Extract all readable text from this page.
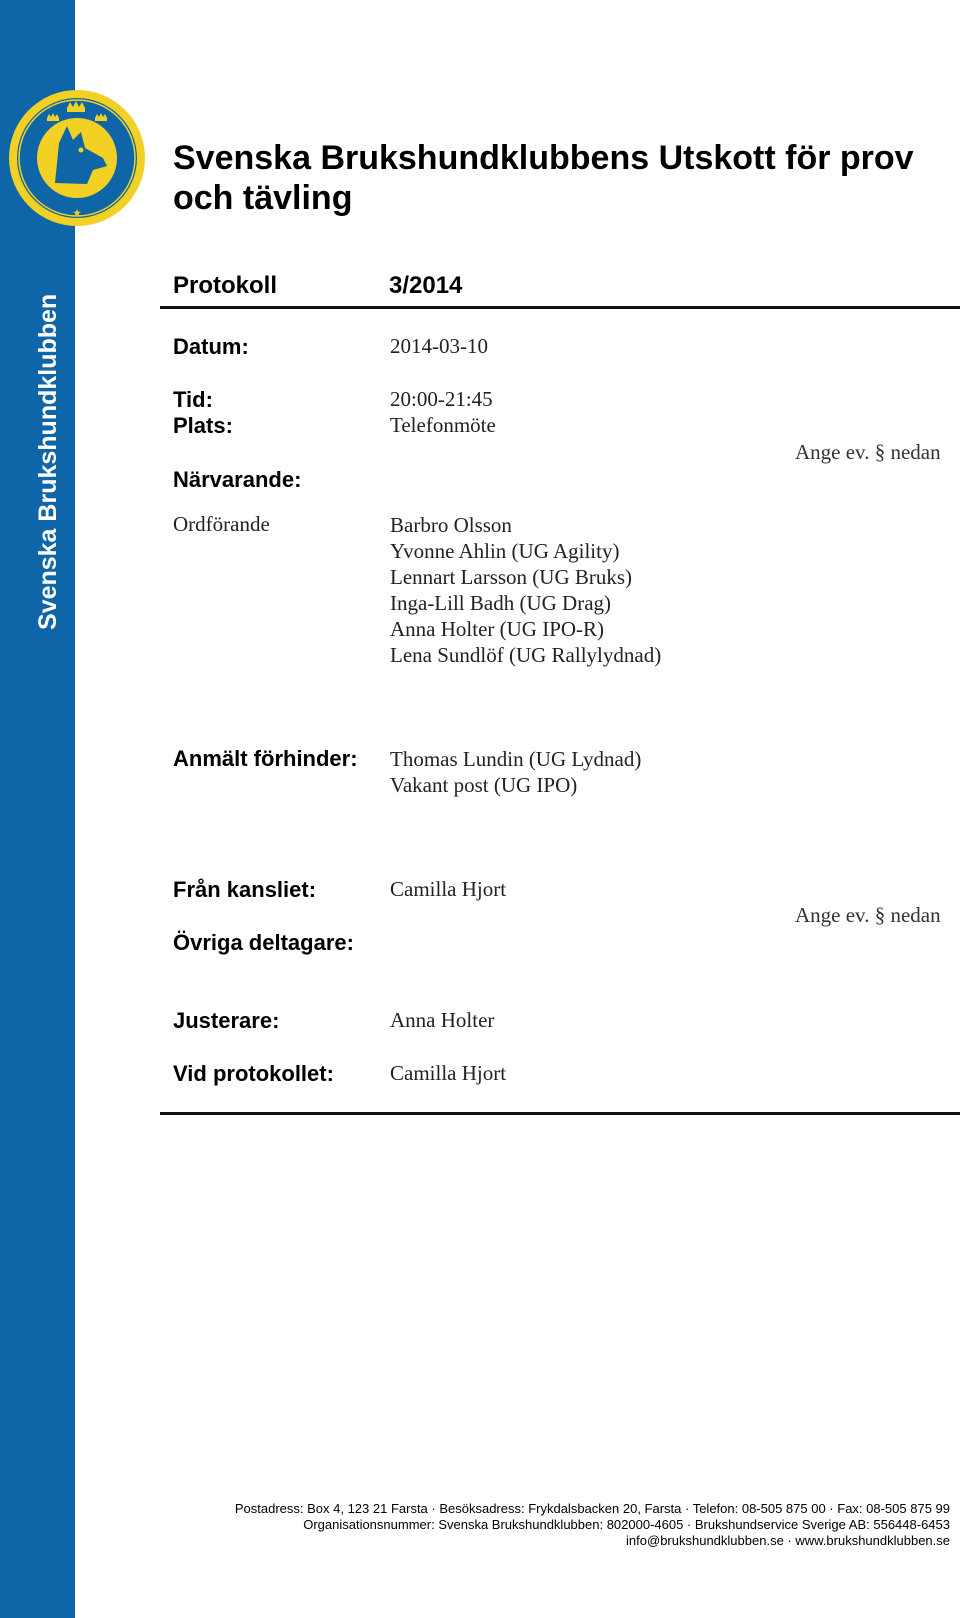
Svenska Brukshundklubben
★
Svenska Brukshundklubbens Utskott för prov och tävling
Protokoll	3/2014
Datum:	2014-03-10
Tid:	20:00-21:45
Plats:	Telefonmöte
Ange ev. § nedan
Närvarande:
Ordförande	Barbro Olsson
Yvonne Ahlin (UG Agility)
Lennart Larsson (UG Bruks)
Inga-Lill Badh (UG Drag)
Anna Holter (UG IPO-R)
Lena Sundlöf (UG Rallylydnad)
Anmält förhinder: Thomas Lundin (UG Lydnad)
Vakant post (UG IPO)
Från kansliet:	Camilla Hjort
Ange ev. § nedan
Övriga deltagare:
Justerare:	Anna Holter
Vid protokollet:	Camilla Hjort
Postadress: Box 4, 123 21 Farsta · Besöksadress: Frykdalsbacken 20, Farsta · Telefon: 08-505 875 00 · Fax: 08-505 875 99
Organisationsnummer: Svenska Brukshundklubben: 802000-4605 · Brukshundservice Sverige AB: 556448-6453
info@brukshundklubben.se · www.brukshundklubben.se
